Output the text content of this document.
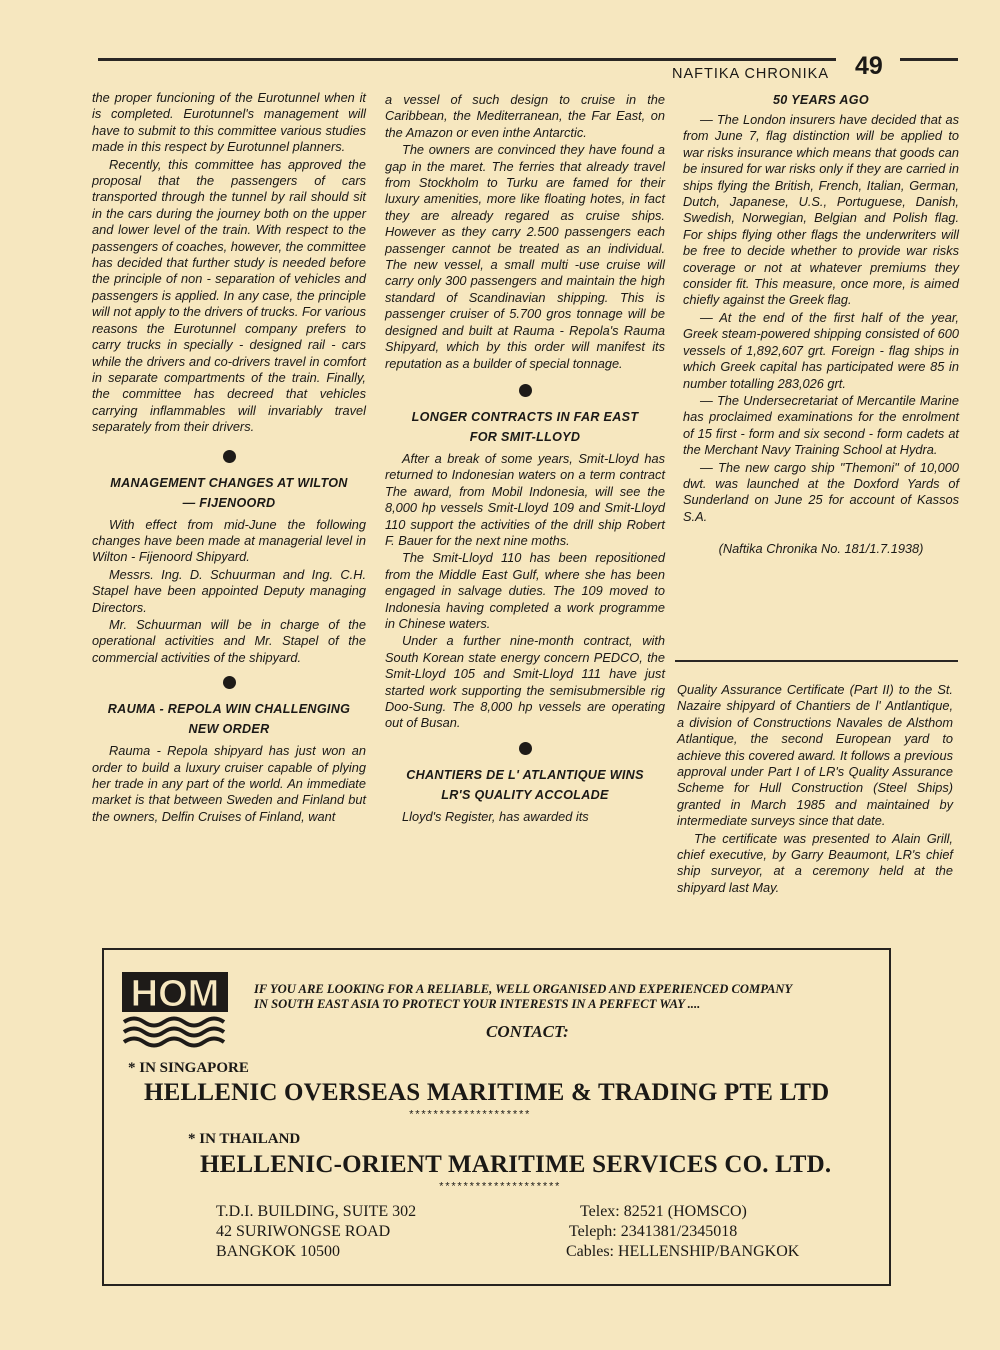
NAFTIKA CHRONIKA 49

the proper funcioning of the Eurotunnel when it is completed. Eurotunnel's management will have to submit to this committee various studies made in this respect by Eurotunnel planners.

Recently, this committee has approved the proposal that the passengers of cars transported through the tunnel by rail should sit in the cars during the journey both on the upper and lower level of the train. With respect to the passengers of coaches, however, the committee has decided that further study is needed before the principle of non - separation of vehicles and passengers is applied. In any case, the principle will not apply to the drivers of trucks. For various reasons the Eurotunnel company prefers to carry trucks in specially - designed rail - cars while the drivers and co-drivers travel in comfort in separate compartments of the train. Finally, the committee has decreed that vehicles carrying inflammables will invariably travel separately from their drivers.

MANAGEMENT CHANGES AT WILTON
— FIJENOORD

With effect from mid-June the following changes have been made at managerial level in Wilton - Fijenoord Shipyard.

Messrs. Ing. D. Schuurman and Ing. C.H. Stapel have been appointed Deputy managing Directors.

Mr. Schuurman will be in charge of the operational activities and Mr. Stapel of the commercial activities of the shipyard.

RAUMA - REPOLA WIN CHALLENGING
NEW ORDER

Rauma - Repola shipyard has just won an order to build a luxury cruiser capable of plying her trade in any part of the world. An immediate market is that between Sweden and Finland but the owners, Delfin Cruises of Finland, want

a vessel of such design to cruise in the Caribbean, the Mediterranean, the Far East, on the Amazon or even inthe Antarctic.

The owners are convinced they have found a gap in the maret. The ferries that already travel from Stockholm to Turku are famed for their luxury amenities, more like floating hotes, in fact they are already regared as cruise ships. However as they carry 2.500 passengers each passenger cannot be treated as an individual. The new vessel, a small multi -use cruise will carry only 300 passengers and maintain the high standard of Scandinavian shipping. This is passenger cruiser of 5.700 gros tonnage will be designed and built at Rauma - Repola's Rauma Shipyard, which by this order will manifest its reputation as a builder of special tonnage.

LONGER CONTRACTS IN FAR EAST
FOR SMIT-LLOYD

After a break of some years, Smit-Lloyd has returned to Indonesian waters on a term contract The award, from Mobil Indonesia, will see the 8,000 hp vessels Smit-Lloyd 109 and Smit-Lloyd 110 support the activities of the drill ship Robert F. Bauer for the next nine moths.

The Smit-Lloyd 110 has been repositioned from the Middle East Gulf, where she has been engaged in salvage duties. The 109 moved to Indonesia having completed a work programme in Chinese waters.

Under a further nine-month contract, with South Korean state energy concern PEDCO, the Smit-Lloyd 105 and Smit-Lloyd 111 have just started work supporting the semisubmersible rig Doo-Sung. The 8,000 hp vessels are operating out of Busan.

CHANTIERS DE L' ATLANTIQUE WINS
LR'S QUALITY ACCOLADE

Lloyd's Register, has awarded its

50 YEARS AGO

— The London insurers have decided that as from June 7, flag distinction will be applied to war risks insurance which means that goods can be insured for war risks only if they are carried in ships flying the British, French, Italian, German, Dutch, Japanese, U.S., Portuguese, Danish, Swedish, Norwegian, Belgian and Polish flag. For ships flying other flags the underwriters will be free to decide whether to provide war risks coverage or not at whatever premiums they consider fit. This measure, once more, is aimed chiefly against the Greek flag.

— At the end of the first half of the year, Greek steam-powered shipping consisted of 600 vessels of 1,892,607 grt. Foreign - flag ships in which Greek capital has participated were 85 in number totalling 283,026 grt.

— The Undersecretariat of Mercantile Marine has proclaimed examinations for the enrolment of 15 first - form and six second - form cadets at the Merchant Navy Training School at Hydra.

— The new cargo ship "Themoni" of 10,000 dwt. was launched at the Doxford Yards of Sunderland on June 25 for account of Kassos S.A.

(Naftika Chronika No. 181/1.7.1938)

Quality Assurance Certificate (Part II) to the St. Nazaire shipyard of Chantiers de l' Antlantique, a division of Constructions Navales de Alsthom Atlantique, the second European yard to achieve this covered award. It follows a previous approval under Part I of LR's Quality Assurance Scheme for Hull Construction (Steel Ships) granted in March 1985 and maintained by intermediate surveys since that date.

The certificate was presented to Alain Grill, chief executive, by Garry Beaumont, LR's chief ship surveyor, at a ceremony held at the shipyard last May.

HOM	IF YOU ARE LOOKING FOR A RELIABLE, WELL ORGANISED AND EXPERIENCED COMPANY
IN SOUTH EAST ASIA TO PROTECT YOUR INTERESTS IN A PERFECT WAY ....
CONTACT:
* IN SINGAPORE
HELLENIC OVERSEAS MARITIME & TRADING PTE LTD
********************
* IN THAILAND
HELLENIC-ORIENT MARITIME SERVICES CO. LTD.
********************
T.D.I. BUILDING, SUITE 302
42 SURIWONGSE ROAD
BANGKOK 10500
Telex: 82521 (HOMSCO)
Teleph: 2341381/2345018
Cables: HELLENSHIP/BANGKOK
